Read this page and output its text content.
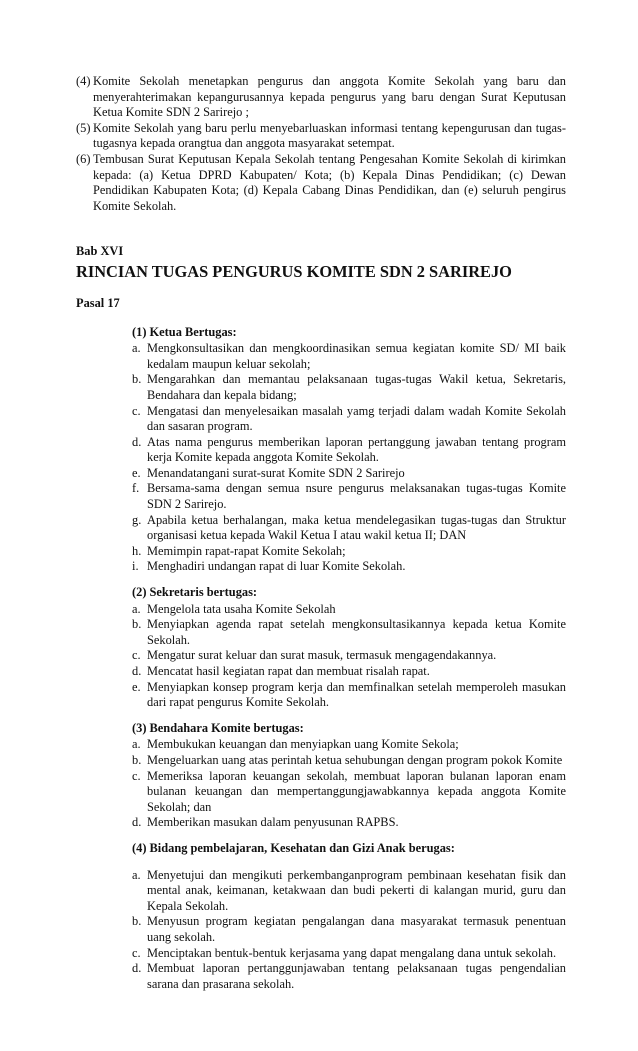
(4) Komite Sekolah menetapkan pengurus dan anggota Komite Sekolah yang baru dan menyerahterimakan kepangurusannya kepada pengurus yang baru dengan Surat Keputusan Ketua Komite SDN 2 Sarirejo ;
(5) Komite Sekolah yang baru perlu menyebarluaskan informasi tentang kepengurusan dan tugas-tugasnya kepada orangtua dan anggota masyarakat setempat.
(6) Tembusan Surat Keputusan Kepala Sekolah tentang Pengesahan Komite Sekolah di kirimkan kepada: (a) Ketua DPRD Kabupaten/ Kota; (b) Kepala Dinas Pendidikan; (c) Dewan Pendidikan Kabupaten Kota; (d) Kepala Cabang Dinas Pendidikan, dan (e) seluruh pengirus Komite Sekolah.
Bab XVI
RINCIAN TUGAS PENGURUS KOMITE SDN 2 SARIREJO
Pasal 17
(1) Ketua Bertugas:
a. Mengkonsultasikan dan mengkoordinasikan semua kegiatan komite SD/ MI baik kedalam maupun keluar sekolah;
b. Mengarahkan dan memantau pelaksanaan tugas-tugas Wakil ketua, Sekretaris, Bendahara dan kepala bidang;
c. Mengatasi dan menyelesaikan masalah yamg terjadi dalam wadah Komite Sekolah dan sasaran program.
d. Atas nama pengurus memberikan laporan pertanggung jawaban tentang program kerja Komite kepada anggota Komite Sekolah.
e. Menandatangani surat-surat Komite SDN 2 Sarirejo
f. Bersama-sama dengan semua nsure pengurus melaksanakan tugas-tugas Komite SDN 2 Sarirejo.
g. Apabila ketua berhalangan, maka ketua mendelegasikan tugas-tugas dan Struktur organisasi ketua kepada Wakil Ketua I atau wakil ketua II; DAN
h. Memimpin rapat-rapat Komite Sekolah;
i. Menghadiri undangan rapat di luar Komite Sekolah.
(2) Sekretaris bertugas:
a. Mengelola tata usaha Komite Sekolah
b. Menyiapkan agenda rapat setelah mengkonsultasikannya kepada ketua Komite Sekolah.
c. Mengatur surat keluar dan surat masuk, termasuk mengagendakannya.
d. Mencatat hasil kegiatan rapat dan membuat risalah rapat.
e. Menyiapkan konsep program kerja dan memfinalkan setelah memperoleh masukan dari rapat pengurus Komite Sekolah.
(3) Bendahara Komite bertugas:
a. Membukukan keuangan dan menyiapkan uang Komite Sekola;
b. Mengeluarkan uang atas perintah ketua sehubungan dengan program pokok Komite
c. Memeriksa laporan keuangan sekolah, membuat laporan bulanan laporan enam bulanan keuangan dan mempertanggungjawabkannya kepada anggota Komite Sekolah; dan
d. Memberikan masukan dalam penyusunan RAPBS.
(4) Bidang pembelajaran, Kesehatan dan Gizi Anak berugas:
a. Menyetujui dan mengikuti perkembanganprogram pembinaan kesehatan fisik dan mental anak, keimanan, ketakwaan dan budi pekerti di kalangan murid, guru dan Kepala Sekolah.
b. Menyusun program kegiatan pengalangan dana masyarakat termasuk penentuan uang sekolah.
c. Menciptakan bentuk-bentuk kerjasama yang dapat mengalang dana untuk sekolah.
d. Membuat laporan pertanggunjawaban tentang pelaksanaan tugas pengendalian sarana dan prasarana sekolah.
